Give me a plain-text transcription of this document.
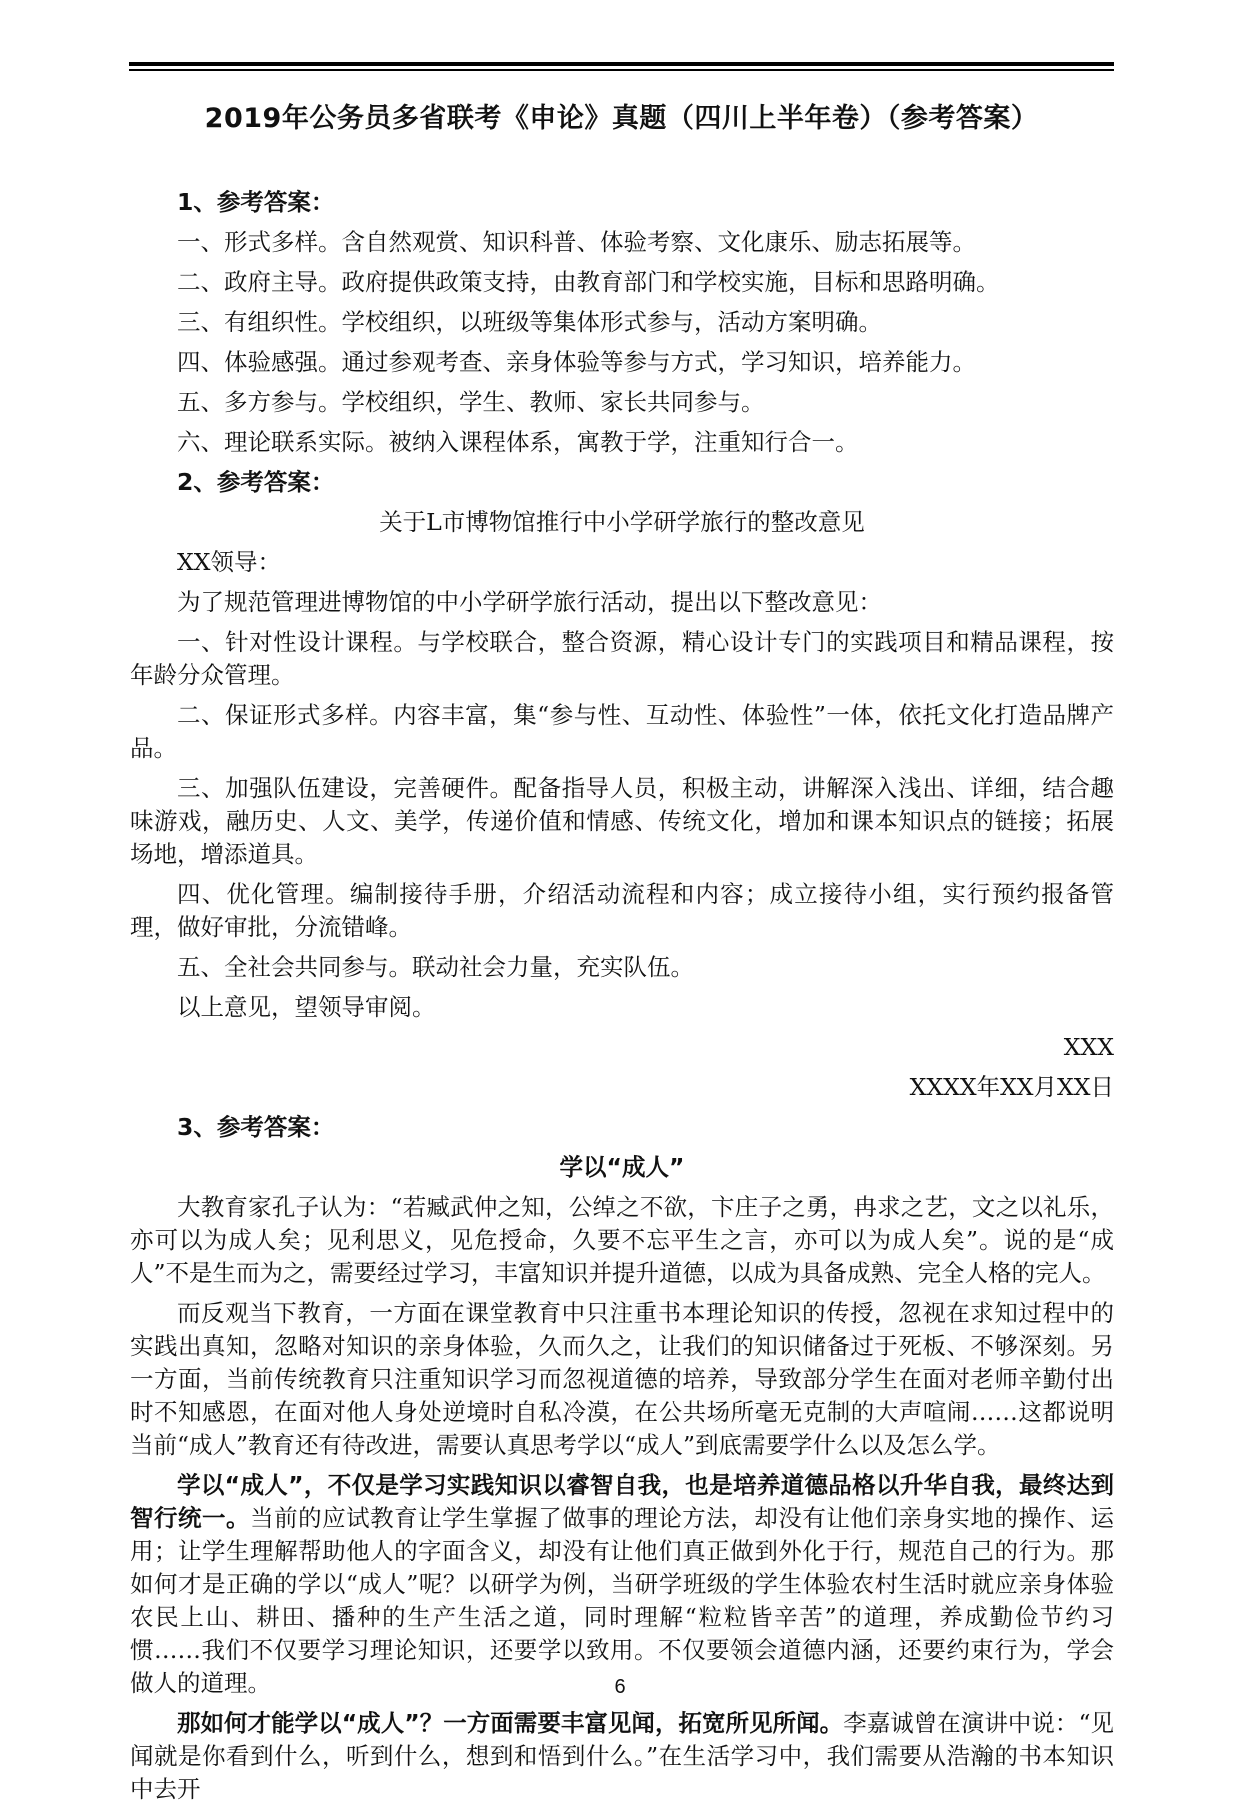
2019年公务员多省联考《申论》真题（四川上半年卷）（参考答案）

1、参考答案：

一、形式多样。含自然观赏、知识科普、体验考察、文化康乐、励志拓展等。

二、政府主导。政府提供政策支持，由教育部门和学校实施，目标和思路明确。

三、有组织性。学校组织，以班级等集体形式参与，活动方案明确。

四、体验感强。通过参观考查、亲身体验等参与方式，学习知识，培养能力。

五、多方参与。学校组织，学生、教师、家长共同参与。

六、理论联系实际。被纳入课程体系，寓教于学，注重知行合一。

2、参考答案：

关于L市博物馆推行中小学研学旅行的整改意见

XX领导：

为了规范管理进博物馆的中小学研学旅行活动，提出以下整改意见：

一、针对性设计课程。与学校联合，整合资源，精心设计专门的实践项目和精品课程，按年龄分众管理。

二、保证形式多样。内容丰富，集“参与性、互动性、体验性”一体，依托文化打造品牌产品。

三、加强队伍建设，完善硬件。配备指导人员，积极主动，讲解深入浅出、详细，结合趣味游戏，融历史、人文、美学，传递价值和情感、传统文化，增加和课本知识点的链接；拓展场地，增添道具。

四、优化管理。编制接待手册，介绍活动流程和内容；成立接待小组，实行预约报备管理，做好审批，分流错峰。

五、全社会共同参与。联动社会力量，充实队伍。

以上意见，望领导审阅。

XXX

XXXX年XX月XX日

3、参考答案：

学以“成人”

大教育家孔子认为：“若臧武仲之知，公绰之不欲，卞庄子之勇，冉求之艺，文之以礼乐，亦可以为成人矣；见利思义，见危授命，久要不忘平生之言，亦可以为成人矣”。说的是“成人”不是生而为之，需要经过学习，丰富知识并提升道德，以成为具备成熟、完全人格的完人。

而反观当下教育，一方面在课堂教育中只注重书本理论知识的传授，忽视在求知过程中的实践出真知，忽略对知识的亲身体验，久而久之，让我们的知识储备过于死板、不够深刻。另一方面，当前传统教育只注重知识学习而忽视道德的培养，导致部分学生在面对老师辛勤付出时不知感恩，在面对他人身处逆境时自私冷漠，在公共场所毫无克制的大声喧闹……这都说明当前“成人”教育还有待改进，需要认真思考学以“成人”到底需要学什么以及怎么学。

学以“成人”，不仅是学习实践知识以睿智自我，也是培养道德品格以升华自我，最终达到智行统一。当前的应试教育让学生掌握了做事的理论方法，却没有让他们亲身实地的操作、运用；让学生理解帮助他人的字面含义，却没有让他们真正做到外化于行，规范自己的行为。那如何才是正确的学以“成人”呢？以研学为例，当研学班级的学生体验农村生活时就应亲身体验农民上山、耕田、播种的生产生活之道，同时理解“粒粒皆辛苦”的道理，养成勤俭节约习惯……我们不仅要学习理论知识，还要学以致用。不仅要领会道德内涵，还要约束行为，学会做人的道理。

那如何才能学以“成人”？一方面需要丰富见闻，拓宽所见所闻。李嘉诚曾在演讲中说：“见闻就是你看到什么，听到什么，想到和悟到什么。”在生活学习中，我们需要从浩瀚的书本知识中去开

6
